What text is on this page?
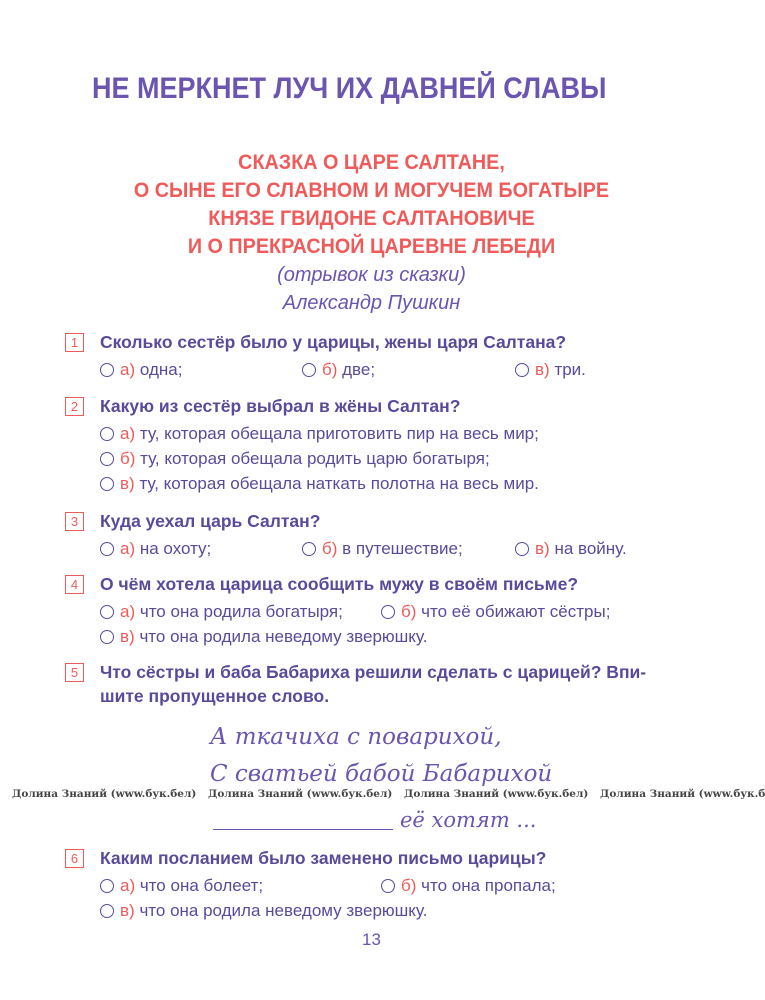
НЕ МЕРКНЕТ ЛУЧ ИХ ДАВНЕЙ СЛАВЫ
СКАЗКА О ЦАРЕ САЛТАНЕ,
О СЫНЕ ЕГО СЛАВНОМ И МОГУЧЕМ БОГАТЫРЕ
КНЯЗЕ ГВИДОНЕ САЛТАНОВИЧЕ
И О ПРЕКРАСНОЙ ЦАРЕВНЕ ЛЕБЕДИ
(отрывок из сказки)
Александр Пушкин
1	Сколько сестёр было у царицы, жены царя Салтана?
а) одна;	б) две;	в) три.
2	Какую из сестёр выбрал в жёны Салтан?
а) ту, которая обещала приготовить пир на весь мир;
б) ту, которая обещала родить царю богатыря;
в) ту, которая обещала наткать полотна на весь мир.
3	Куда уехал царь Салтан?
а) на охоту;	б) в путешествие;	в) на войну.
4	О чём хотела царица сообщить мужу в своём письме?
а) что она родила богатыря;	б) что её обижают сёстры;
в) что она родила неведому зверюшку.
5	Что сёстры и баба Бабариха решили сделать с царицей? Впи-
шите пропущенное слово.
А ткачиха с поварихой,
С сватьей бабой Бабарихой
Долина Знаний (www.бук.бел) Долина Знаний (www.бук.бел) Долина Знаний (www.бук.бел) Долина Знаний (www.бук.б
её хотят ...
6	Каким посланием было заменено письмо царицы?
а) что она болеет;	б) что она пропала;
в) что она родила неведому зверюшку.
13
